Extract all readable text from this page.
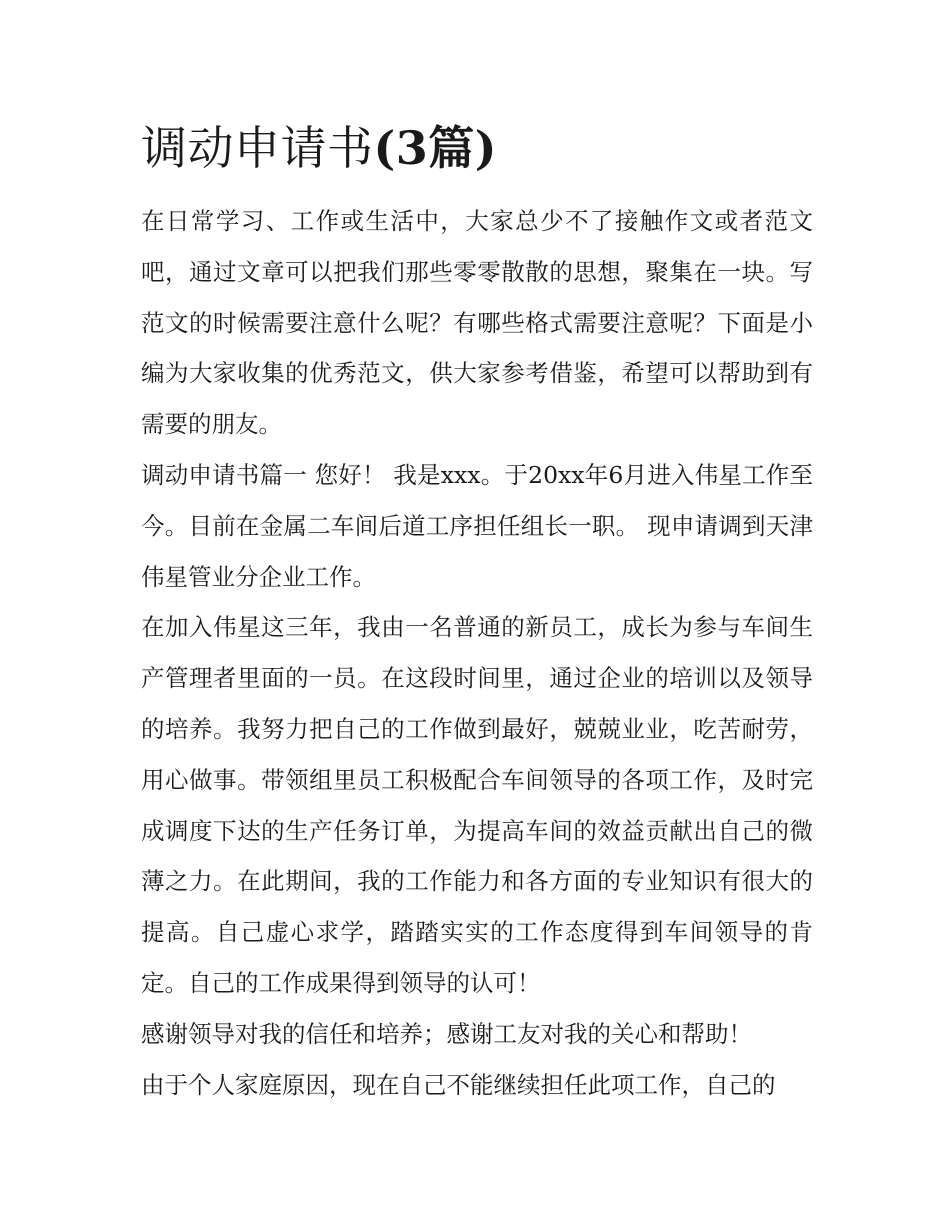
调动申请书(3篇)

在日常学习、工作或生活中，大家总少不了接触作文或者范文吧，通过文章可以把我们那些零零散散的思想，聚集在一块。写范文的时候需要注意什么呢？有哪些格式需要注意呢？下面是小编为大家收集的优秀范文，供大家参考借鉴，希望可以帮助到有需要的朋友。

调动申请书篇一 您好！ 我是xxx。于20xx年6月进入伟星工作至今。目前在金属二车间后道工序担任组长一职。 现申请调到天津伟星管业分企业工作。

在加入伟星这三年，我由一名普通的新员工，成长为参与车间生产管理者里面的一员。在这段时间里，通过企业的培训以及领导的培养。我努力把自己的工作做到最好，兢兢业业，吃苦耐劳，用心做事。带领组里员工积极配合车间领导的各项工作，及时完成调度下达的生产任务订单，为提高车间的效益贡献出自己的微薄之力。在此期间，我的工作能力和各方面的专业知识有很大的提高。自己虚心求学，踏踏实实的工作态度得到车间领导的肯定。自己的工作成果得到领导的认可！

感谢领导对我的信任和培养；感谢工友对我的关心和帮助！

由于个人家庭原因，现在自己不能继续担任此项工作，自己的
